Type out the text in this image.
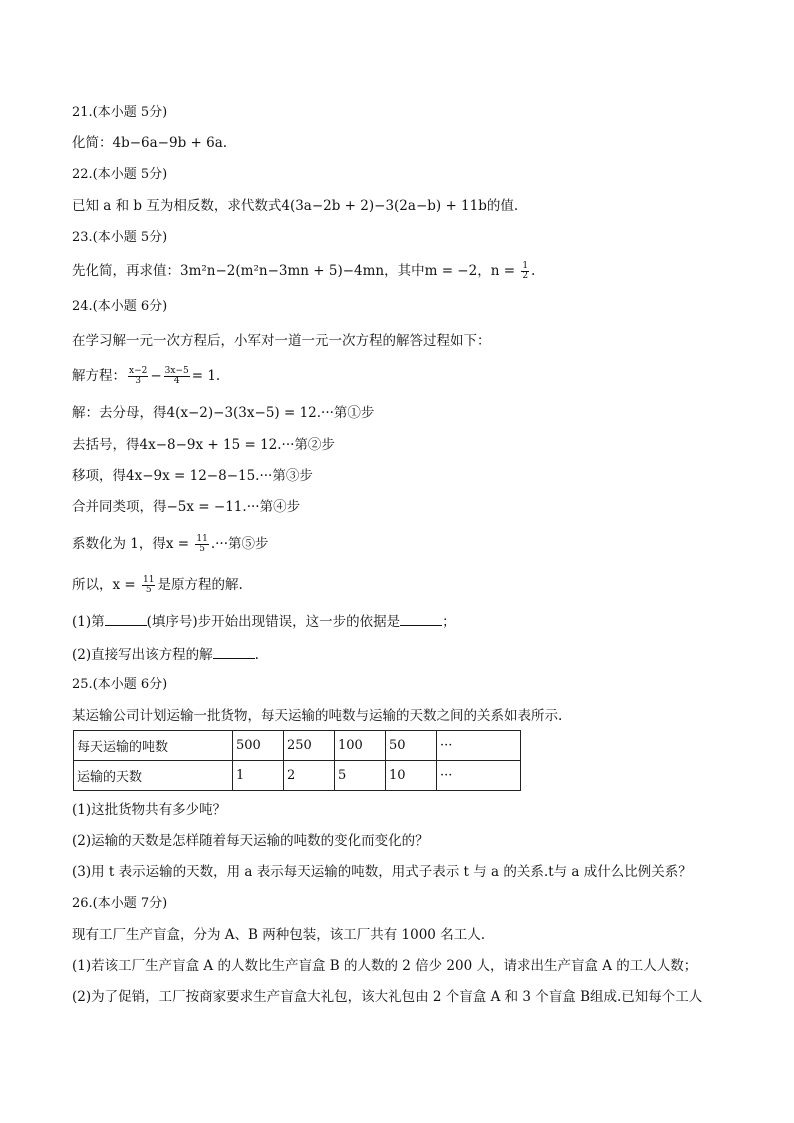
21.(本小题 5分)
化简：4b−6a−9b + 6a.
22.(本小题 5分)
已知 a 和 b 互为相反数，求代数式4(3a−2b + 2)−3(2a−b) + 11b的值.
23.(本小题 5分)
先化简，再求值：3m²n−2(m²n−3mn + 5)−4mn，其中m = −2，$n = \frac{1}{2}$ .
24.(本小题 6分)
在学习解一元一次方程后，小军对一道一元一次方程的解答过程如下：
解方程： $\frac{x-2}{3} - \frac{3x-5}{4} = 1$.
解：去分母，得4(x−2)−3(3x−5) = 12.···第①步
去括号，得4x−8−9x + 15 = 12.···第②步
移项，得4x−9x = 12−8−15.···第③步
合并同类项，得−5x = −11.···第④步
系数化为 1，得$x = \frac{11}{5}$ .···第⑤步
所以，$x = \frac{11}{5}$ 是原方程的解.
(1)第	(填序号)步开始出现错误，这一步的依据是	；
(2)直接写出该方程的解	.
25.(本小题 6分)
某运输公司计划运输一批货物，每天运输的吨数与运输的天数之间的关系如表所示.
每天运输的吨数	500	250	100	50	···
运输的天数	1	2	5	10	···
(1)这批货物共有多少吨？
(2)运输的天数是怎样随着每天运输的吨数的变化而变化的？
(3)用 t 表示运输的天数，用 a 表示每天运输的吨数，用式子表示 t 与 a 的关系.t与 a 成什么比例关系？
26.(本小题 7分)
现有工厂生产盲盒，分为 A、B 两种包装，该工厂共有 1000 名工人.
(1)若该工厂生产盲盒 A 的人数比生产盲盒 B 的人数的 2 倍少 200 人，请求出生产盲盒 A 的工人人数；
(2)为了促销，工厂按商家要求生产盲盒大礼包，该大礼包由 2 个盲盒 A 和 3 个盲盒 B组成.已知每个工人
